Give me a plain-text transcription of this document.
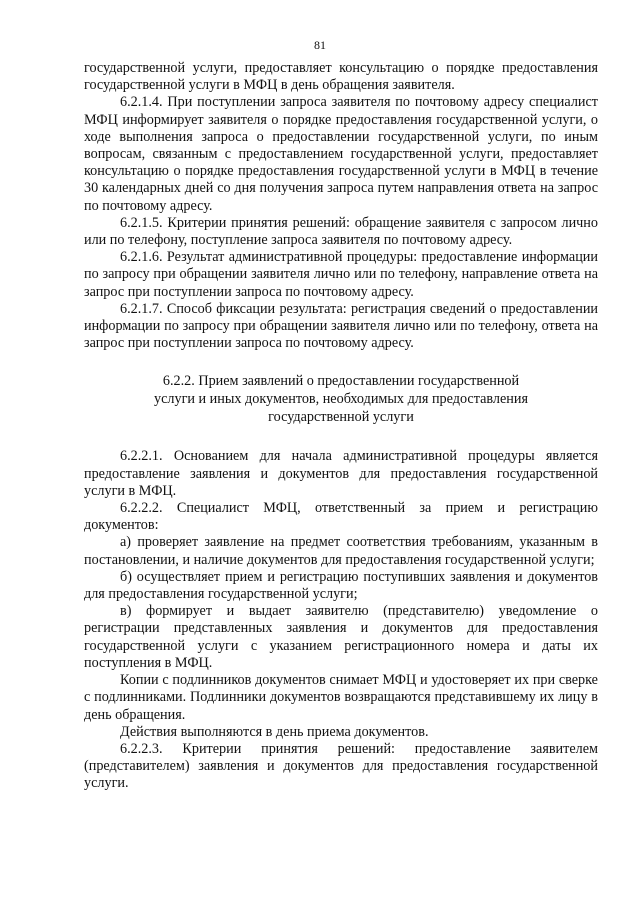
81

государственной услуги, предоставляет консультацию о порядке предоставления государственной услуги в МФЦ в день обращения заявителя.

6.2.1.4. При поступлении запроса заявителя по почтовому адресу специалист МФЦ информирует заявителя о порядке предоставления государственной услуги, о ходе выполнения запроса о предоставлении государственной услуги, по иным вопросам, связанным с предоставлением государственной услуги, предоставляет консультацию о порядке предоставления государственной услуги в МФЦ в течение 30 календарных дней со дня получения запроса путем направления ответа на запрос по почтовому адресу.

6.2.1.5. Критерии принятия решений: обращение заявителя с запросом лично или по телефону, поступление запроса заявителя по почтовому адресу.

6.2.1.6. Результат административной процедуры: предоставление информации по запросу при обращении заявителя лично или по телефону, направление ответа на запрос при поступлении запроса по почтовому адресу.

6.2.1.7. Способ фиксации результата: регистрация сведений о предоставлении информации по запросу при обращении заявителя лично или по телефону, ответа на запрос при поступлении запроса по почтовому адресу.

6.2.2. Прием заявлений о предоставлении государственной
услуги и иных документов, необходимых для предоставления
государственной услуги

6.2.2.1. Основанием для начала административной процедуры является предоставление заявления и документов для предоставления государственной услуги в МФЦ.

6.2.2.2. Специалист МФЦ, ответственный за прием и регистрацию документов:

а) проверяет заявление на предмет соответствия требованиям, указанным в постановлении, и наличие документов для предоставления государственной услуги;

б) осуществляет прием и регистрацию поступивших заявления и документов для предоставления государственной услуги;

в) формирует и выдает заявителю (представителю) уведомление о регистрации представленных заявления и документов для предоставления государственной услуги с указанием регистрационного номера и даты их поступления в МФЦ.

Копии с подлинников документов снимает МФЦ и удостоверяет их при сверке с подлинниками. Подлинники документов возвращаются представившему их лицу в день обращения.

Действия выполняются в день приема документов.

6.2.2.3. Критерии принятия решений: предоставление заявителем (представителем) заявления и документов для предоставления государственной услуги.
